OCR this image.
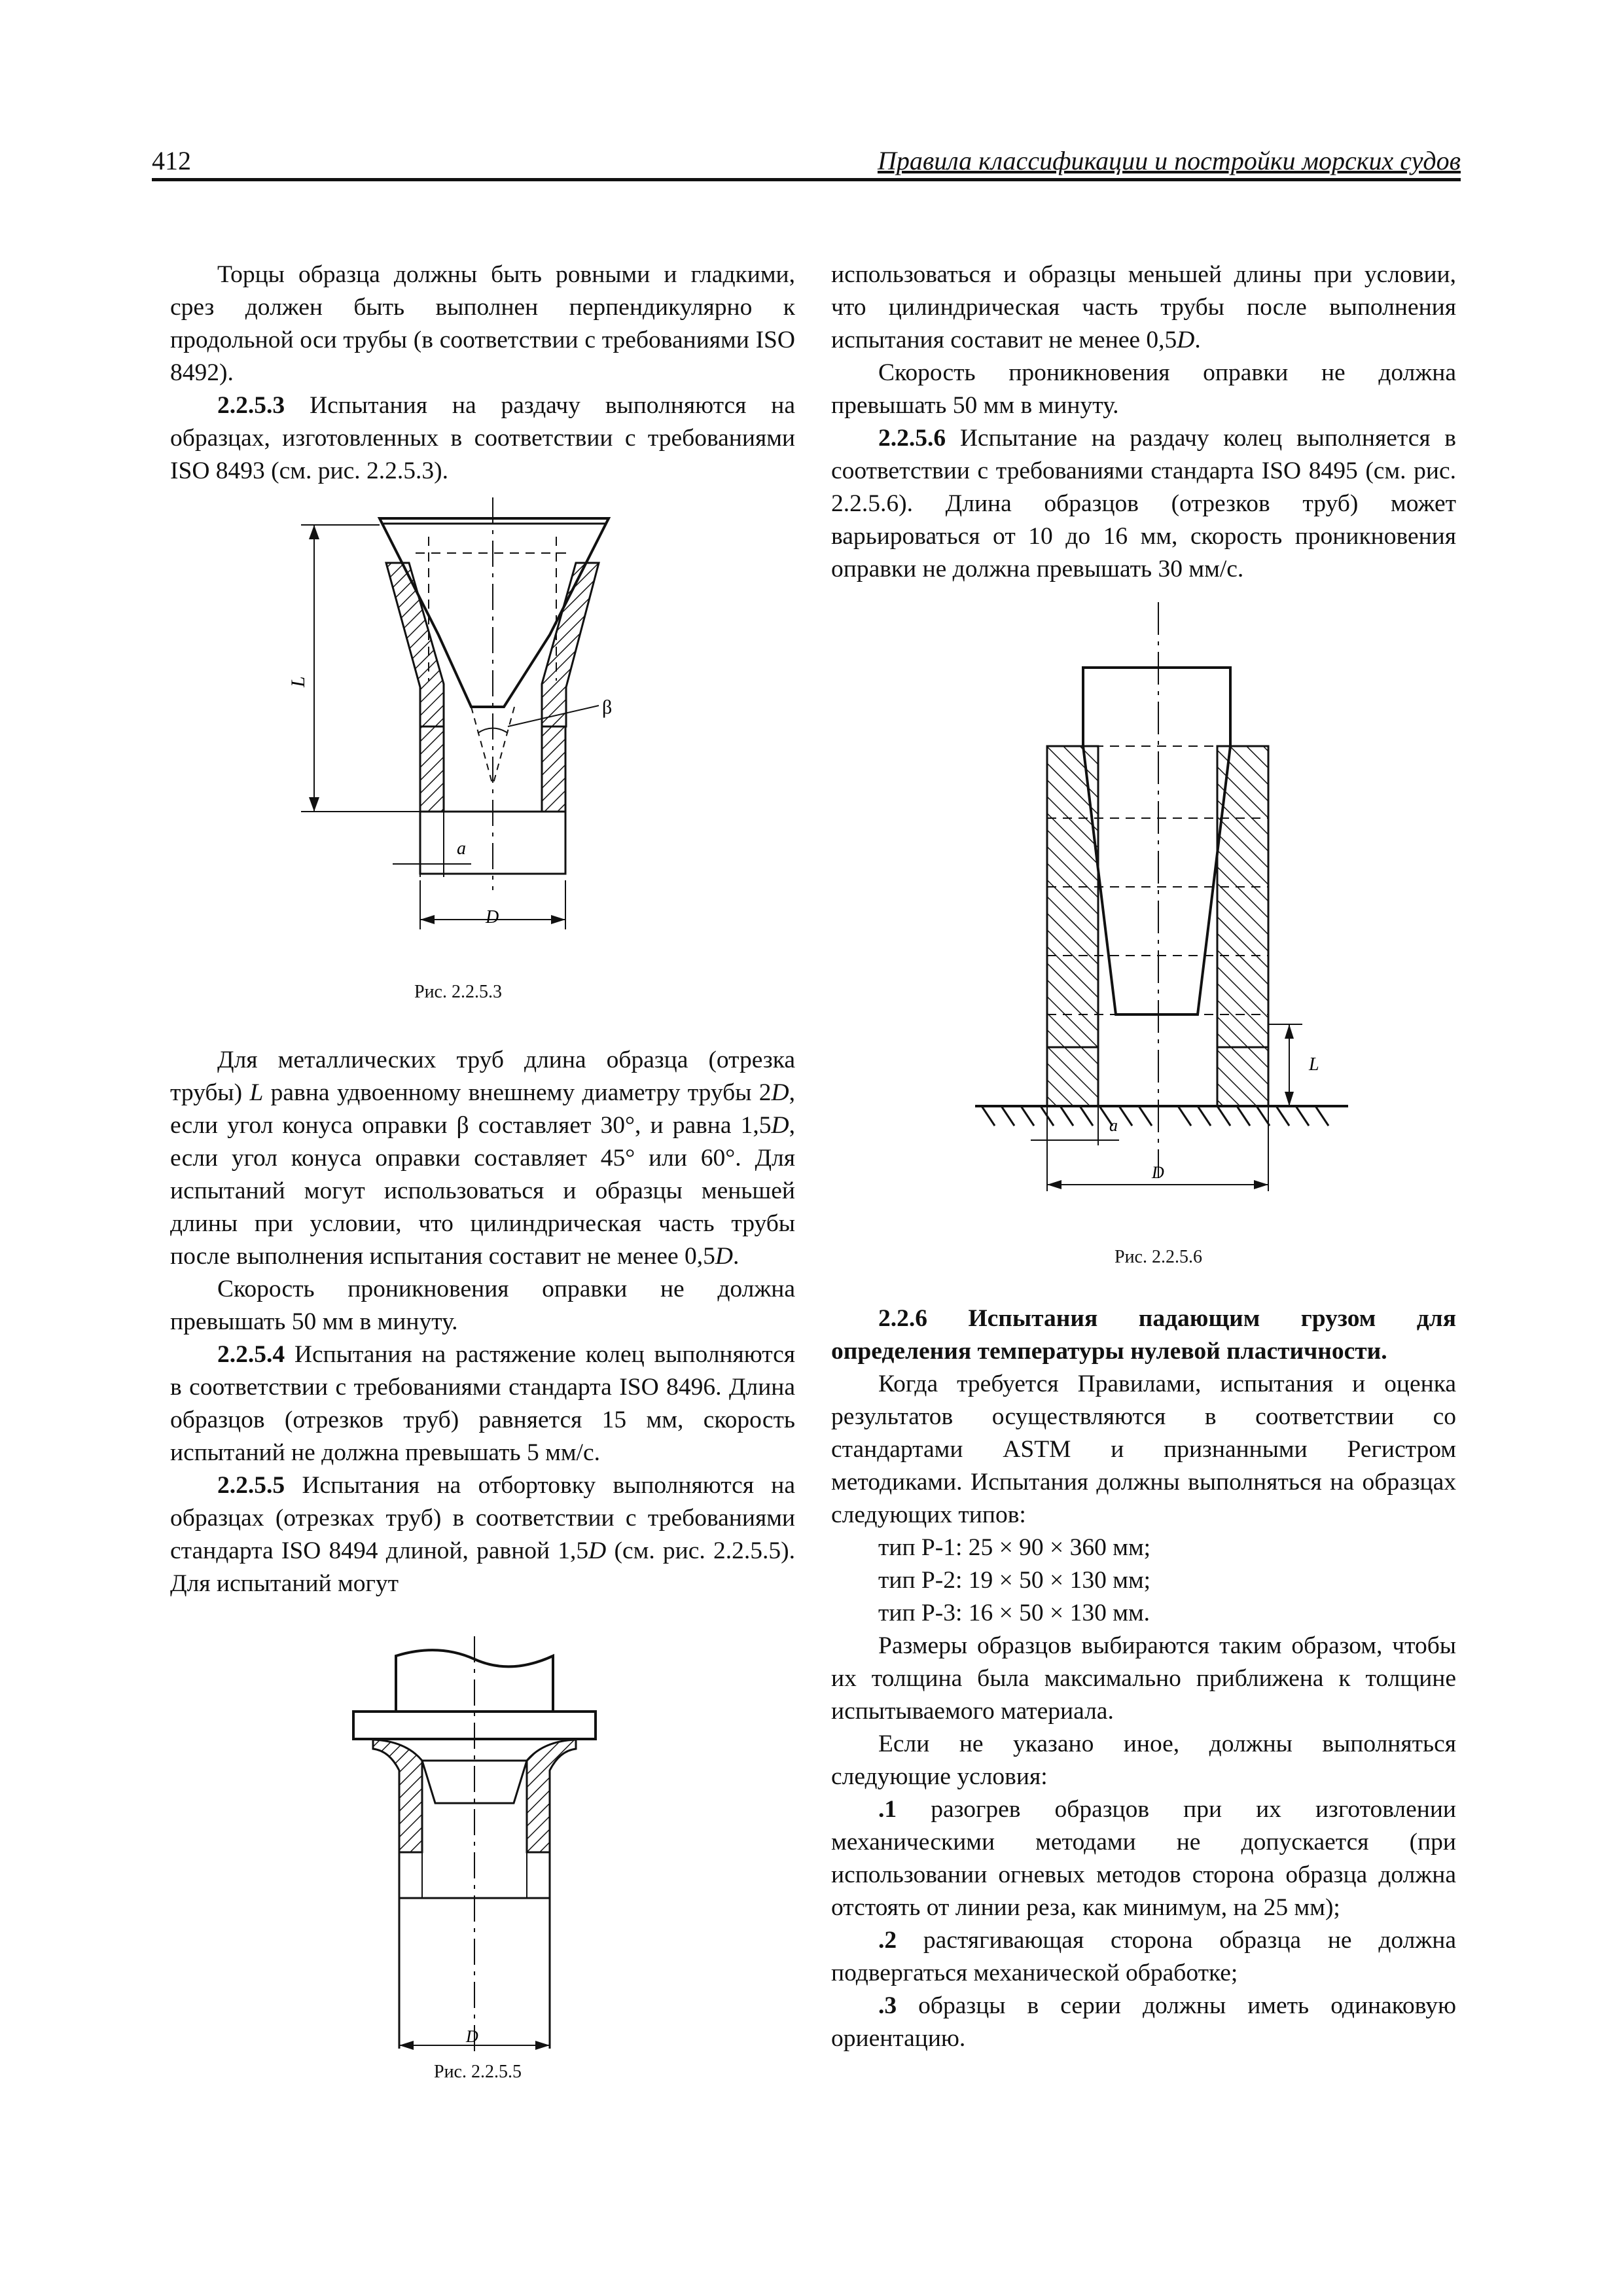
412	Правила классификации и постройки морских судов

Торцы образца должны быть ровными и гладкими, срез должен быть выполнен перпендикулярно к продольной оси трубы (в соответствии с требованиями ISO 8492).

2.2.5.3 Испытания на раздачу выполняются на образцах, изготовленных в соответствии с требованиями ISO 8493 (см. рис. 2.2.5.3).

L
β
a
D
Рис. 2.2.5.3

Для металлических труб длина образца (отрезка трубы) L равна удвоенному внешнему диаметру трубы 2D, если угол конуса оправки β составляет 30°, и равна 1,5D, если угол конуса оправки составляет 45° или 60°. Для испытаний могут использоваться и образцы меньшей длины при условии, что цилиндрическая часть трубы после выполнения испытания составит не менее 0,5D.

Скорость проникновения оправки не должна превышать 50 мм в минуту.

2.2.5.4 Испытания на растяжение колец выполняются в соответствии с требованиями стандарта ISO 8496. Длина образцов (отрезков труб) равняется 15 мм, скорость испытаний не должна превышать 5 мм/с.

2.2.5.5 Испытания на отбортовку выполняются на образцах (отрезках труб) в соответствии с требованиями стандарта ISO 8494 длиной, равной 1,5D (см. рис. 2.2.5.5). Для испытаний могут

D
Рис. 2.2.5.5

использоваться и образцы меньшей длины при условии, что цилиндрическая часть трубы после выполнения испытания составит не менее 0,5D.

Скорость проникновения оправки не должна превышать 50 мм в минуту.

2.2.5.6 Испытание на раздачу колец выполняется в соответствии с требованиями стандарта ISO 8495 (см. рис. 2.2.5.6). Длина образцов (отрезков труб) может варьироваться от 10 до 16 мм, скорость проникновения оправки не должна превышать 30 мм/с.

L
a
D
Рис. 2.2.5.6

2.2.6 Испытания падающим грузом для определения температуры нулевой пластичности.

Когда требуется Правилами, испытания и оценка результатов осуществляются в соответствии со стандартами ASTM и признанными Регистром методиками. Испытания должны выполняться на образцах следующих типов:

тип P-1: 25 × 90 × 360 мм;

тип P-2: 19 × 50 × 130 мм;

тип P-3: 16 × 50 × 130 мм.

Размеры образцов выбираются таким образом, чтобы их толщина была максимально приближена к толщине испытываемого материала.

Если не указано иное, должны выполняться следующие условия:

.1 разогрев образцов при их изготовлении механическими методами не допускается (при использовании огневых методов сторона образца должна отстоять от линии реза, как минимум, на 25 мм);

.2 растягивающая сторона образца не должна подвергаться механической обработке;

.3 образцы в серии должны иметь одинаковую ориентацию.
